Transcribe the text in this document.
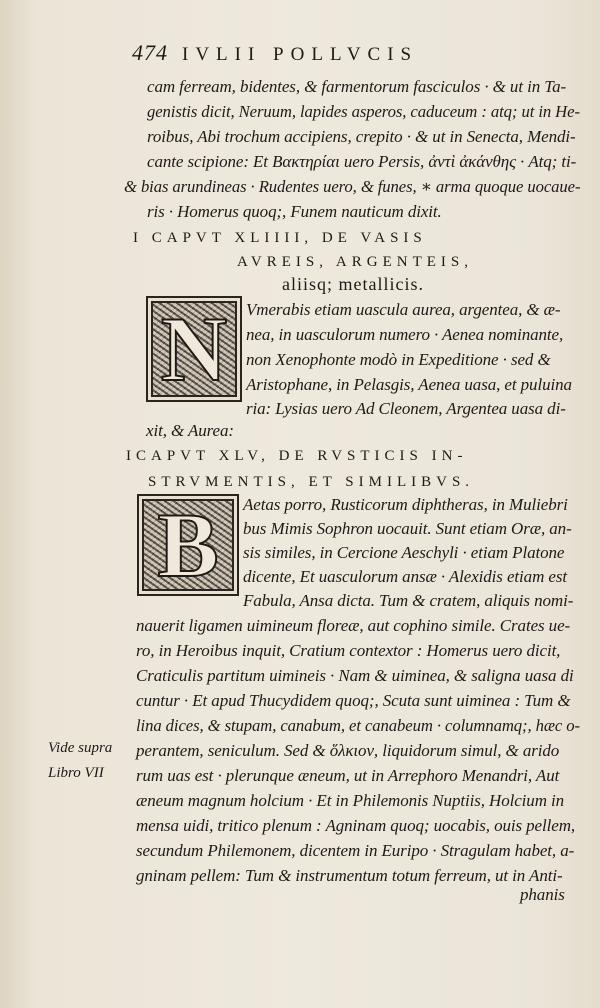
474 IVLII POLLVCIS
cam ferream, bidentes, & farmentorum fasciculos · & ut in Ta-
genistis dicit, Neruum, lapides asperos, caduceum : atq; ut in He-
roibus, Abi trochum accipiens, crepito · & ut in Senecta, Mendi-
cante scipione: Et Βακτηρίαι uero Persis, ἀντὶ ἀκάνθης · Atq; ti-
& bias arundineas · Rudentes uero, & funes, ∗ arma quoque uocaue-
ris · Homerus quoq;, Funem nauticum dixit.
I CAPVT XLIIII, DE VASIS
AVREIS, ARGENTEIS,
aliisq; metallicis.
N Vmerabis etiam uascula aurea, argentea, & æ-
nea, in uasculorum numero · Aenea nominante,
non Xenophonte modò in Expeditione · sed &
Aristophane, in Pelasgis, Aenea uasa, et puluina
ria: Lysias uero Ad Cleonem, Argentea uasa di-
xit, & Aurea:
ICAPVT XLV, DE RVSTICIS IN-
STRVMENTIS, ET SIMILIBVS.
B Aetas porro, Rusticorum diphtheras, in Muliebri
bus Mimis Sophron uocauit. Sunt etiam Oræ, an-
sis similes, in Cercione Aeschyli · etiam Platone
dicente, Et uasculorum ansæ · Alexidis etiam est
Fabula, Ansa dicta. Tum & cratem, aliquis nomi-
nauerit ligamen uimineum floreæ, aut cophino simile. Crates ue-
ro, in Heroibus inquit, Cratium contextor : Homerus uero dicit,
Craticulis partitum uimineis · Nam & uiminea, & saligna uasa di
cuntur · Et apud Thucydidem quoq;, Scuta sunt uiminea : Tum &
lina dices, & stupam, canabum, et canabeum · columnamq;, hæc o-
Vide supra perantem, seniculum. Sed & ὅλκιον, liquidorum simul, & arido
Libro VII rum uas est · plerunque æneum, ut in Arrephoro Menandri, Aut
æneum magnum holcium · Et in Philemonis Nuptiis, Holcium in
mensa uidi, tritico plenum : Agninam quoq; uocabis, ouis pellem,
secundum Philemonem, dicentem in Euripo · Stragulam habet, a-
gninam pellem: Tum & instrumentum totum ferreum, ut in Anti-
phanis
